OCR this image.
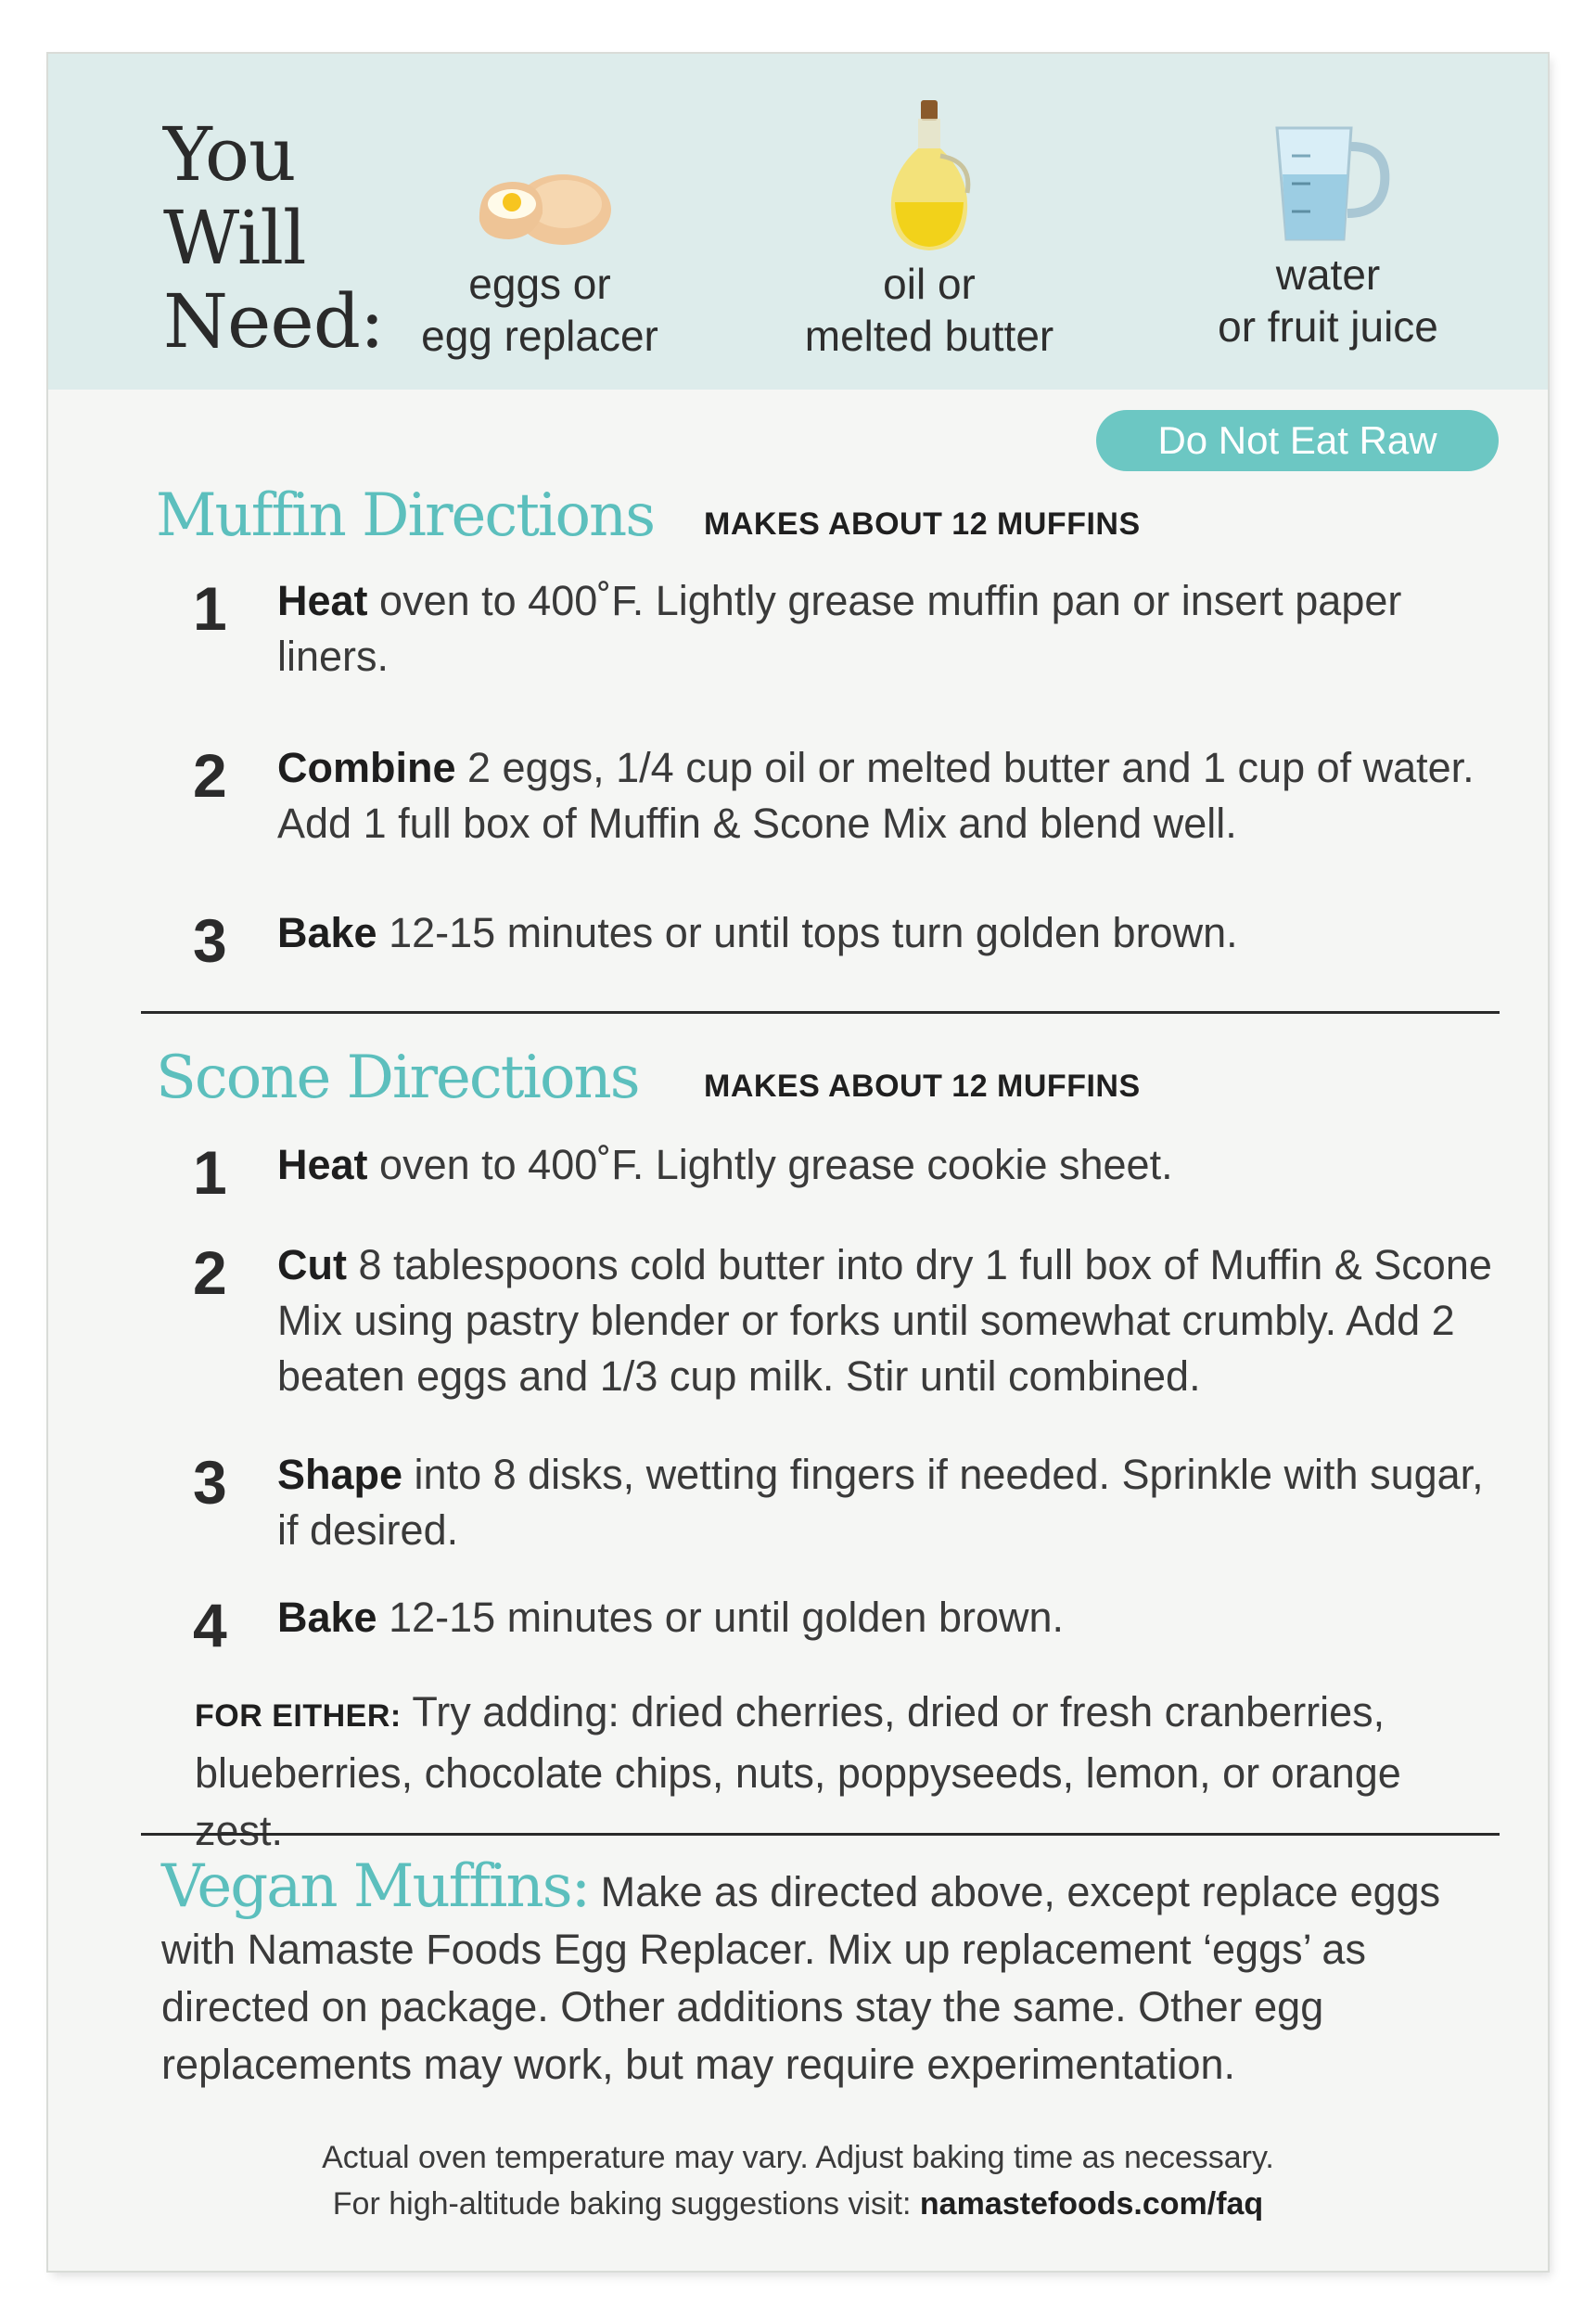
You
Will
Need:	eggs or
egg replacer
oil or
melted butter
water
or fruit juice
Do Not Eat Raw
Muffin Directions MAKES ABOUT 12 MUFFINS
1 Heat oven to 400˚F. Lightly grease muffin pan or insert paper liners.
2 Combine 2 eggs, 1/4 cup oil or melted butter and 1 cup of water. Add 1 full box of Muffin & Scone Mix and blend well.
3 Bake 12-15 minutes or until tops turn golden brown.
Scone Directions MAKES ABOUT 12 MUFFINS
1 Heat oven to 400˚F. Lightly grease cookie sheet.
2 Cut 8 tablespoons cold butter into dry 1 full box of Muffin & Scone Mix using pastry blender or forks until somewhat crumbly. Add 2 beaten eggs and 1/3 cup milk. Stir until combined.
3 Shape into 8 disks, wetting fingers if needed. Sprinkle with sugar, if desired.
4 Bake 12-15 minutes or until golden brown.
FOR EITHER: Try adding: dried cherries, dried or fresh cranberries, blueberries, chocolate chips, nuts, poppyseeds, lemon, or orange zest.
Vegan Muffins: Make as directed above, except replace eggs with Namaste Foods Egg Replacer. Mix up replacement ‘eggs’ as directed on package. Other additions stay the same. Other egg replacements may work, but may require experimentation.
Actual oven temperature may vary. Adjust baking time as necessary.
For high-altitude baking suggestions visit: namastefoods.com/faq
